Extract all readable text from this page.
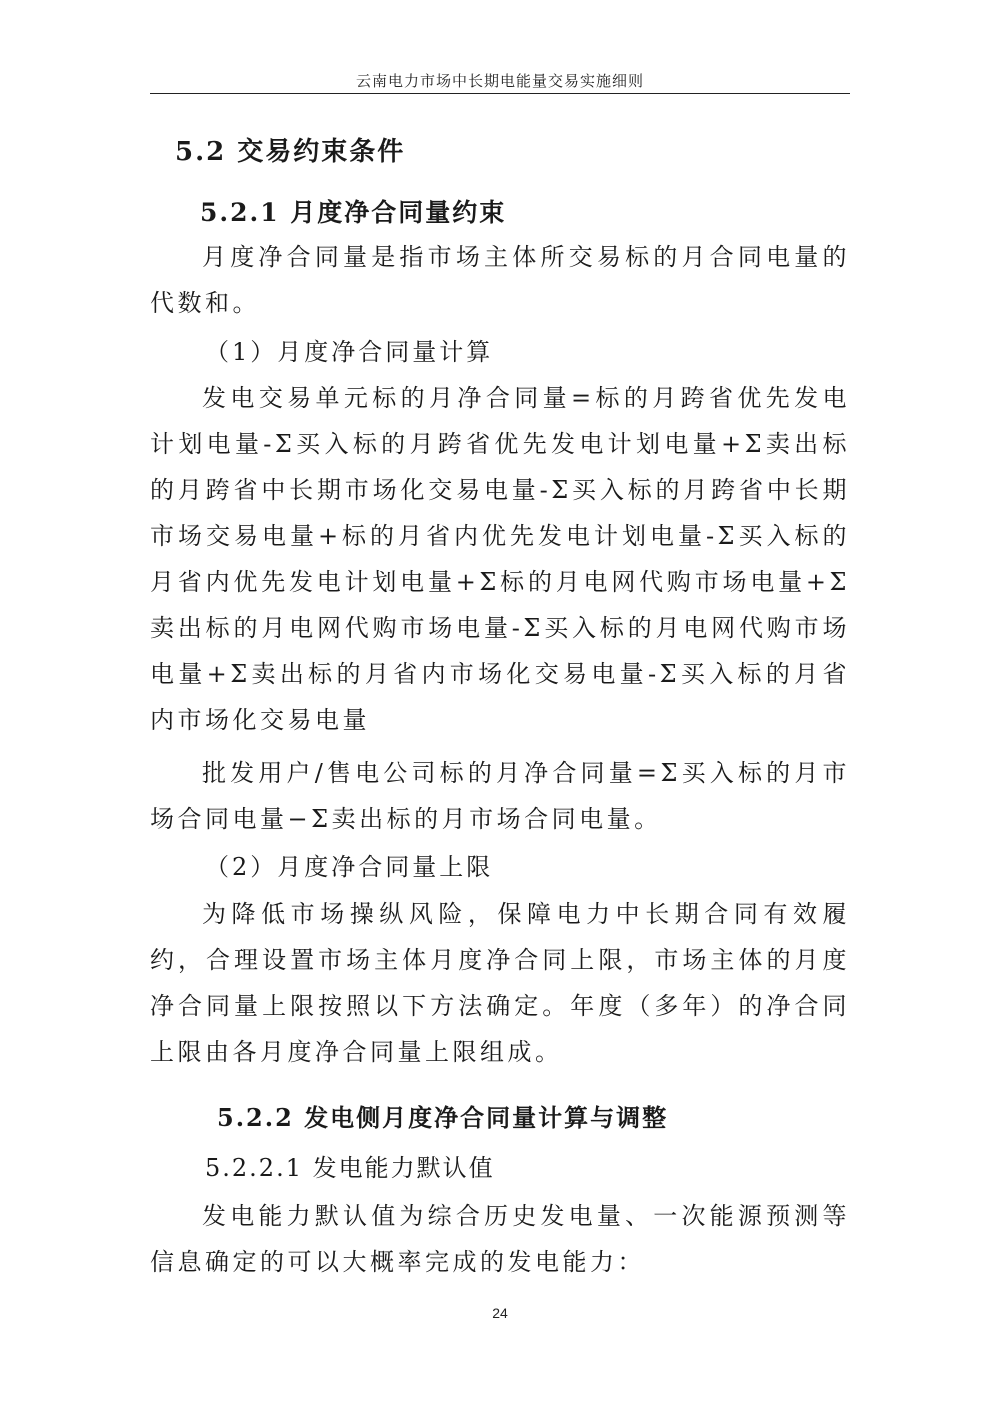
云南电力市场中长期电能量交易实施细则
5.2 交易约束条件
5.2.1 月度净合同量约束

月度净合同量是指市场主体所交易标的月合同电量的代数和。

（1）月度净合同量计算

发电交易单元标的月净合同量=标的月跨省优先发电计划电量-Σ买入标的月跨省优先发电计划电量+Σ卖出标的月跨省中长期市场化交易电量-Σ买入标的月跨省中长期市场交易电量+标的月省内优先发电计划电量-Σ买入标的月省内优先发电计划电量+Σ标的月电网代购市场电量+Σ卖出标的月电网代购市场电量-Σ买入标的月电网代购市场电量+Σ卖出标的月省内市场化交易电量-Σ买入标的月省内市场化交易电量

批发用户/售电公司标的月净合同量=Σ买入标的月市场合同电量−Σ卖出标的月市场合同电量。

（2）月度净合同量上限

为降低市场操纵风险，保障电力中长期合同有效履约，合理设置市场主体月度净合同上限，市场主体的月度净合同量上限按照以下方法确定。年度（多年）的净合同上限由各月度净合同量上限组成。

5.2.2 发电侧月度净合同量计算与调整
5.2.2.1 发电能力默认值

发电能力默认值为综合历史发电量、一次能源预测等信息确定的可以大概率完成的发电能力：

24
